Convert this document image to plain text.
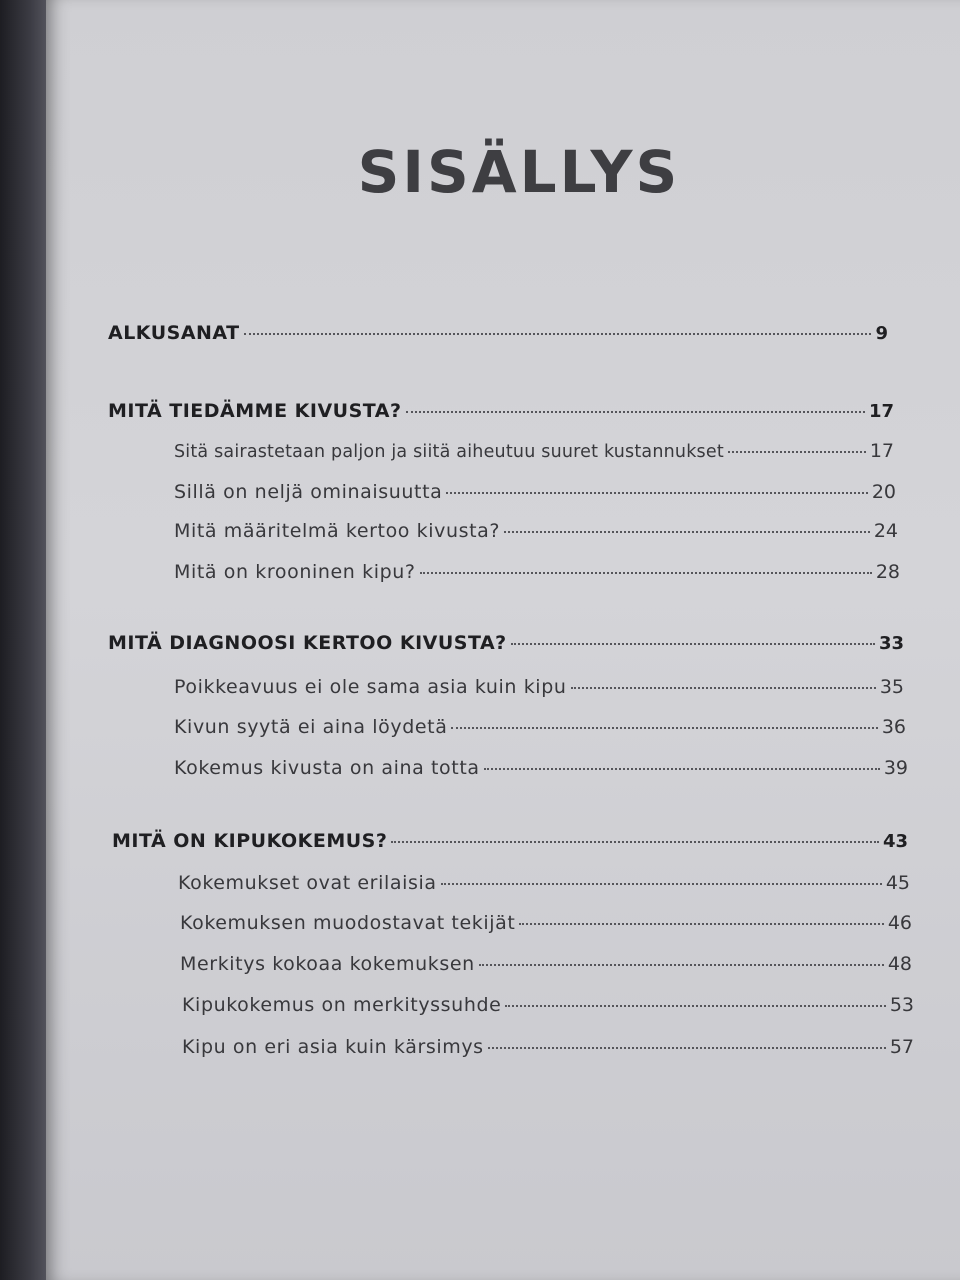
SISÄLLYS
ALKUSANAT	9
MITÄ TIEDÄMME KIVUSTA?	17
Sitä sairastetaan paljon ja siitä aiheutuu suuret kustannukset	17
Sillä on neljä ominaisuutta	20
Mitä määritelmä kertoo kivusta?	24
Mitä on krooninen kipu?	28
MITÄ DIAGNOOSI KERTOO KIVUSTA?	33
Poikkeavuus ei ole sama asia kuin kipu	35
Kivun syytä ei aina löydetä	36
Kokemus kivusta on aina totta	39
MITÄ ON KIPUKOKEMUS?	43
Kokemukset ovat erilaisia	45
Kokemuksen muodostavat tekijät	46
Merkitys kokoaa kokemuksen	48
Kipukokemus on merkityssuhde	53
Kipu on eri asia kuin kärsimys	57
